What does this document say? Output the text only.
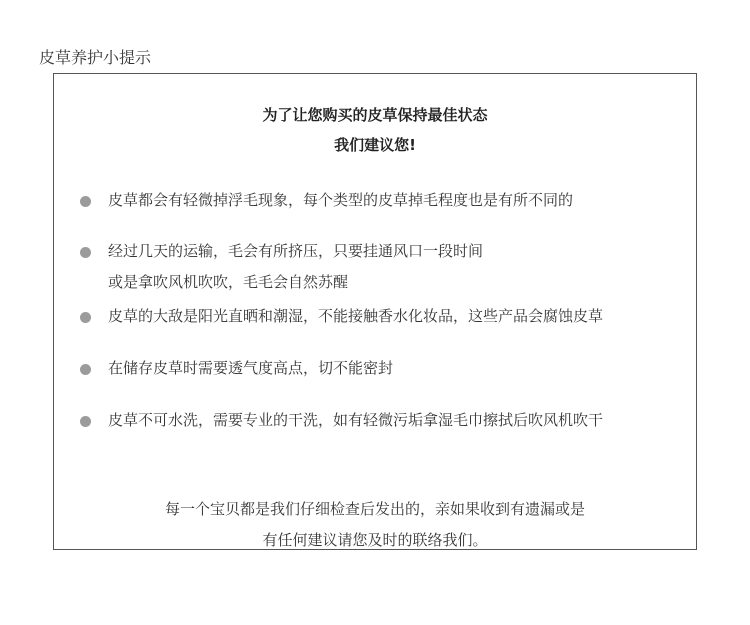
皮草养护小提示
为了让您购买的皮草保持最佳状态
我们建议您!
皮草都会有轻微掉浮毛现象，每个类型的皮草掉毛程度也是有所不同的
经过几天的运输，毛会有所挤压，只要挂通风口一段时间
或是拿吹风机吹吹，毛毛会自然苏醒
皮草的大敌是阳光直晒和潮湿，不能接触香水化妆品，这些产品会腐蚀皮草
在储存皮草时需要透气度高点，切不能密封
皮草不可水洗，需要专业的干洗，如有轻微污垢拿湿毛巾擦拭后吹风机吹干
每一个宝贝都是我们仔细检查后发出的，亲如果收到有遗漏或是
有任何建议请您及时的联络我们。
